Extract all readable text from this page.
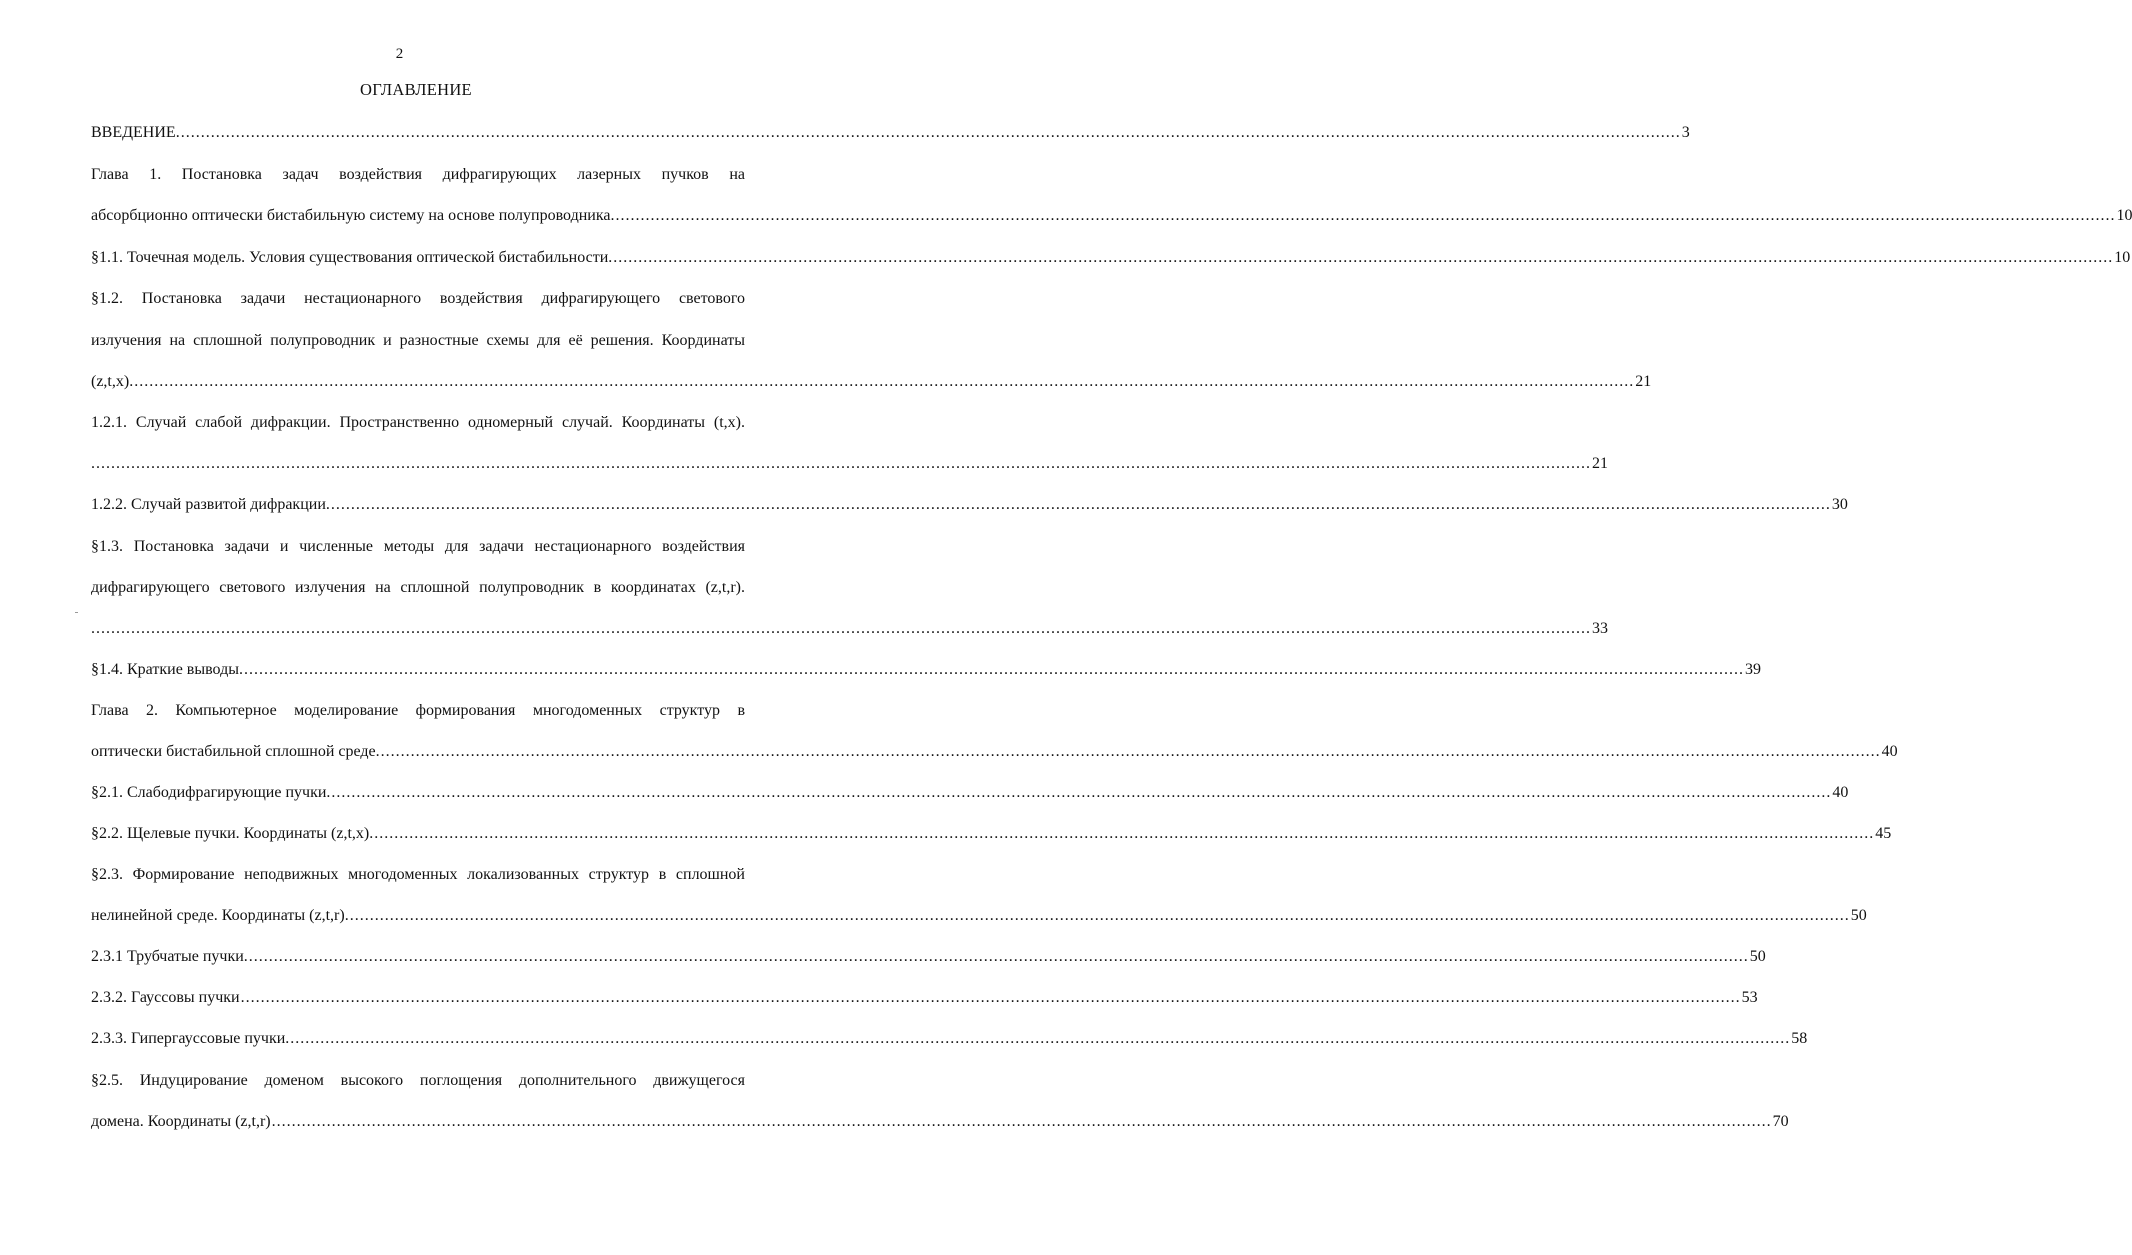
2
ОГЛАВЛЕНИЕ
ВВЕДЕНИЕ. ............................................................................................................................................................................................................................................................................................................ 3
Глава 1. Постановка задач воздействия дифрагирующих лазерных пучков на
абсорбционно оптически бистабильную систему на основе полупроводника. ............................................................................................................................................................................................................................................................................................................ 10
§1.1. Точечная модель. Условия существования оптической бистабильности. ............................................................................................................................................................................................................................................................................................................ 10
§1.2. Постановка задачи нестационарного воздействия дифрагирующего светового
излучения на сплошной полупроводник и разностные схемы для её решения. Координаты
(z,t,x). ............................................................................................................................................................................................................................................................................................................ 21
1.2.1. Случай слабой дифракции. Пространственно одномерный случай. Координаты (t,x).
............................................................................................................................................................................................................................................................................................................ 21
1.2.2. Случай развитой дифракции. ............................................................................................................................................................................................................................................................................................................ 30
§1.3. Постановка задачи и численные методы для задачи нестационарного воздействия
дифрагирующего светового излучения на сплошной полупроводник в координатах (z,t,r).
............................................................................................................................................................................................................................................................................................................ 33
§1.4. Краткие выводы. ............................................................................................................................................................................................................................................................................................................ 39
Глава 2. Компьютерное моделирование формирования многодоменных структур в
оптически бистабильной сплошной среде. ............................................................................................................................................................................................................................................................................................................ 40
§2.1. Слабодифрагирующие пучки. ............................................................................................................................................................................................................................................................................................................ 40
§2.2. Щелевые пучки. Координаты (z,t,x). ............................................................................................................................................................................................................................................................................................................ 45
§2.3. Формирование неподвижных многодоменных локализованных структур в сплошной
нелинейной среде. Координаты (z,t,r). ............................................................................................................................................................................................................................................................................................................ 50
2.3.1 Трубчатые пучки. ............................................................................................................................................................................................................................................................................................................ 50
2.3.2. Гауссовы пучки ............................................................................................................................................................................................................................................................................................................ 53
2.3.3. Гипергауссовые пучки. ............................................................................................................................................................................................................................................................................................................ 58
§2.5. Индуцирование доменом высокого поглощения дополнительного движущегося
домена. Координаты (z,t,r) ............................................................................................................................................................................................................................................................................................................ 70
